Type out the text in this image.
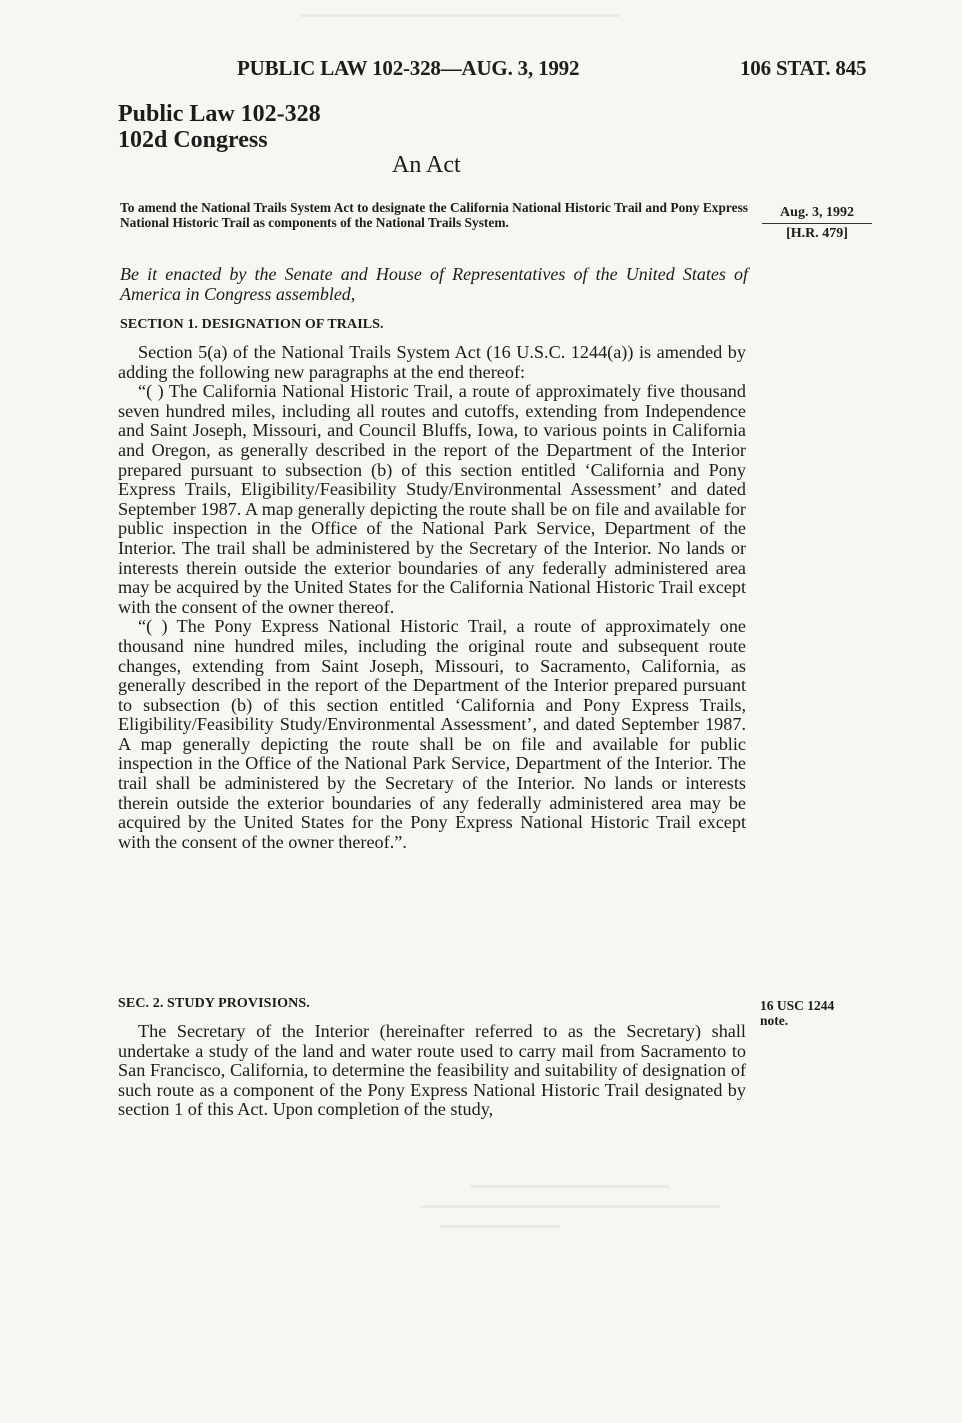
PUBLIC LAW 102-328—AUG. 3, 1992	106 STAT. 845
Public Law 102-328
102d Congress
An Act
To amend the National Trails System Act to designate the California National Historic Trail and Pony Express National Historic Trail as components of the National Trails System.
Aug. 3, 1992
[H.R. 479]
Be it enacted by the Senate and House of Representatives of the United States of America in Congress assembled,
SECTION 1. DESIGNATION OF TRAILS.

Section 5(a) of the National Trails System Act (16 U.S.C. 1244(a)) is amended by adding the following new paragraphs at the end thereof:

“( ) The California National Historic Trail, a route of approximately five thousand seven hundred miles, including all routes and cutoffs, extending from Independence and Saint Joseph, Missouri, and Council Bluffs, Iowa, to various points in California and Oregon, as generally described in the report of the Department of the Interior prepared pursuant to subsection (b) of this section entitled ‘California and Pony Express Trails, Eligibility/Feasibility Study/Environmental Assessment’ and dated September 1987. A map generally depicting the route shall be on file and available for public inspection in the Office of the National Park Service, Department of the Interior. The trail shall be administered by the Secretary of the Interior. No lands or interests therein outside the exterior boundaries of any federally administered area may be acquired by the United States for the California National Historic Trail except with the consent of the owner thereof.

“( ) The Pony Express National Historic Trail, a route of approximately one thousand nine hundred miles, including the original route and subsequent route changes, extending from Saint Joseph, Missouri, to Sacramento, California, as generally described in the report of the Department of the Interior prepared pursuant to subsection (b) of this section entitled ‘California and Pony Express Trails, Eligibility/Feasibility Study/Environmental Assessment’, and dated September 1987. A map generally depicting the route shall be on file and available for public inspection in the Office of the National Park Service, Department of the Interior. The trail shall be administered by the Secretary of the Interior. No lands or interests therein outside the exterior boundaries of any federally administered area may be acquired by the United States for the Pony Express National Historic Trail except with the consent of the owner thereof.”.

SEC. 2. STUDY PROVISIONS.	16 USC 1244 note.

The Secretary of the Interior (hereinafter referred to as the Secretary) shall undertake a study of the land and water route used to carry mail from Sacramento to San Francisco, California, to determine the feasibility and suitability of designation of such route as a component of the Pony Express National Historic Trail designated by section 1 of this Act. Upon completion of the study,
